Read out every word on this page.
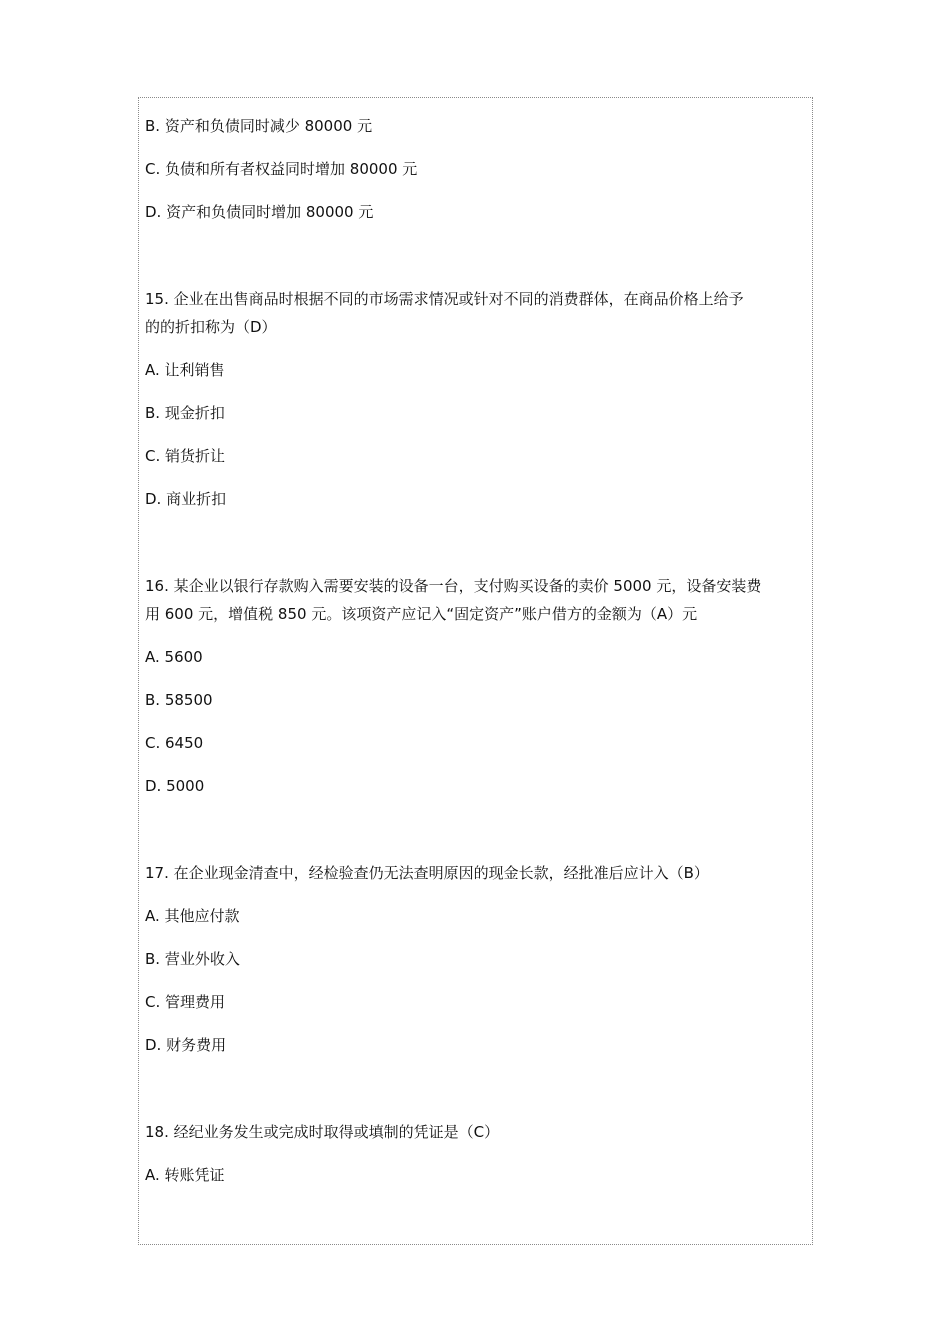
B. 资产和负债同时减少 80000 元
C. 负债和所有者权益同时增加 80000 元
D. 资产和负债同时增加 80000 元
15. 企业在出售商品时根据不同的市场需求情况或针对不同的消费群体，在商品价格上给予
的的折扣称为（D）
A. 让利销售
B. 现金折扣
C. 销货折让
D. 商业折扣
16. 某企业以银行存款购入需要安装的设备一台，支付购买设备的卖价 5000 元，设备安装费
用 600 元，增值税 850 元。该项资产应记入“固定资产”账户借方的金额为（A）元
A. 5600
B. 58500
C. 6450
D. 5000
17. 在企业现金清查中，经检验查仍无法查明原因的现金长款，经批准后应计入（B）
A. 其他应付款
B. 营业外收入
C. 管理费用
D. 财务费用
18. 经纪业务发生或完成时取得或填制的凭证是（C）
A. 转账凭证
